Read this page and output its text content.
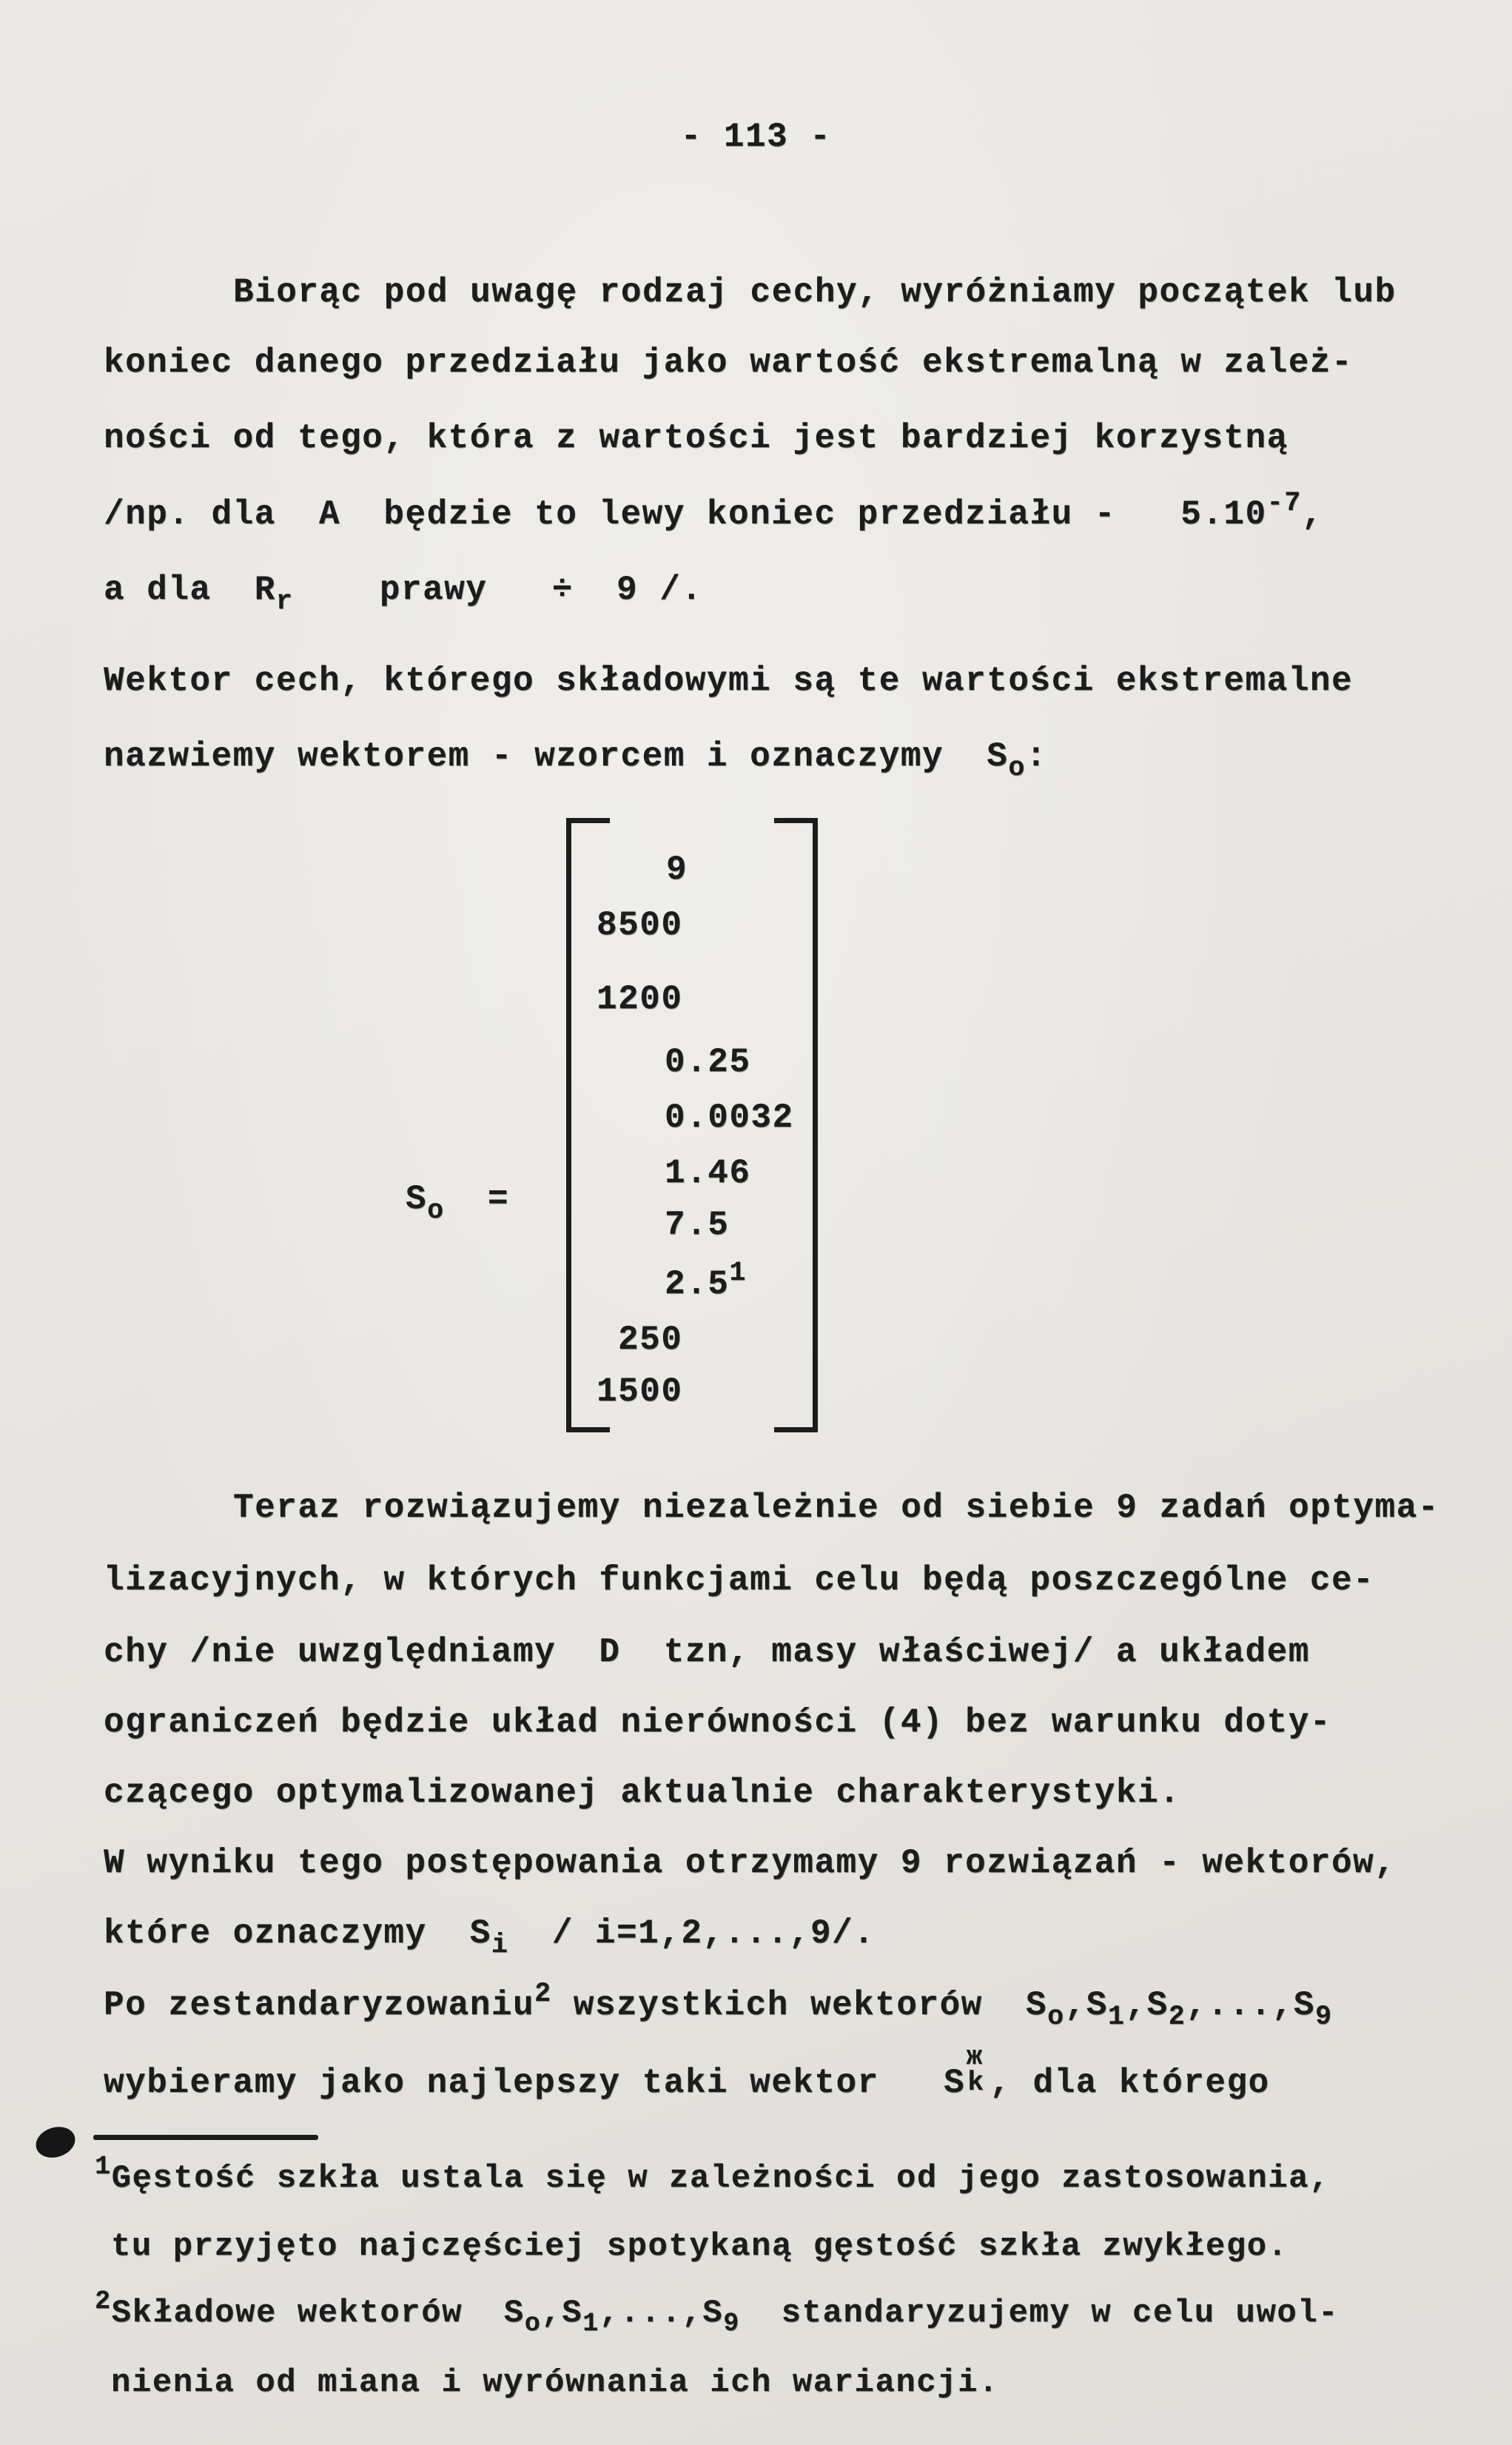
- 113 -
Biorąc pod uwagę rodzaj cechy, wyróżniamy początek lub
koniec danego przedziału jako wartość ekstremalną w zależ-
ności od tego, która z wartości jest bardziej korzystną
/np. dla  A  będzie to lewy koniec przedziału -   $5.10^{-7}$,
a dla  $R_r$    prawy   ÷  9 /.
Wektor cech, którego składowymi są te wartości ekstremalne
nazwiemy wektorem - wzorcem i oznaczymy  $S_o$:
$S_o$  =
9
8500
1200
0.25
0.0032
1.46
7.5
$2.5^1$
250
1500
Teraz rozwiązujemy niezależnie od siebie 9 zadań optyma-
lizacyjnych, w których funkcjami celu będą poszczególne ce-
chy /nie uwzględniamy  D  tzn, masy właściwej/ a układem
ograniczeń będzie układ nierówności (4) bez warunku doty-
czącego optymalizowanej aktualnie charakterystyki.
W wyniku tego postępowania otrzymamy 9 rozwiązań - wektorów,
które oznaczymy  $S_i / i=1,2,...,9/$.
Po zestandaryzowaniu$^2$ wszystkich wektorów  $S_o,S_1,S_2,...,S_9$
wybieramy jako najlepszy taki wektor   S
ж
k , dla którego
$^1$Gęstość szkła ustala się w zależności od jego zastosowania,
tu przyjęto najczęściej spotykaną gęstość szkła zwykłego.
$^2$Składowe wektorów  $S_o,S_1,...,S_9$  standaryzujemy w celu uwol-
nienia od miana i wyrównania ich wariancji.
